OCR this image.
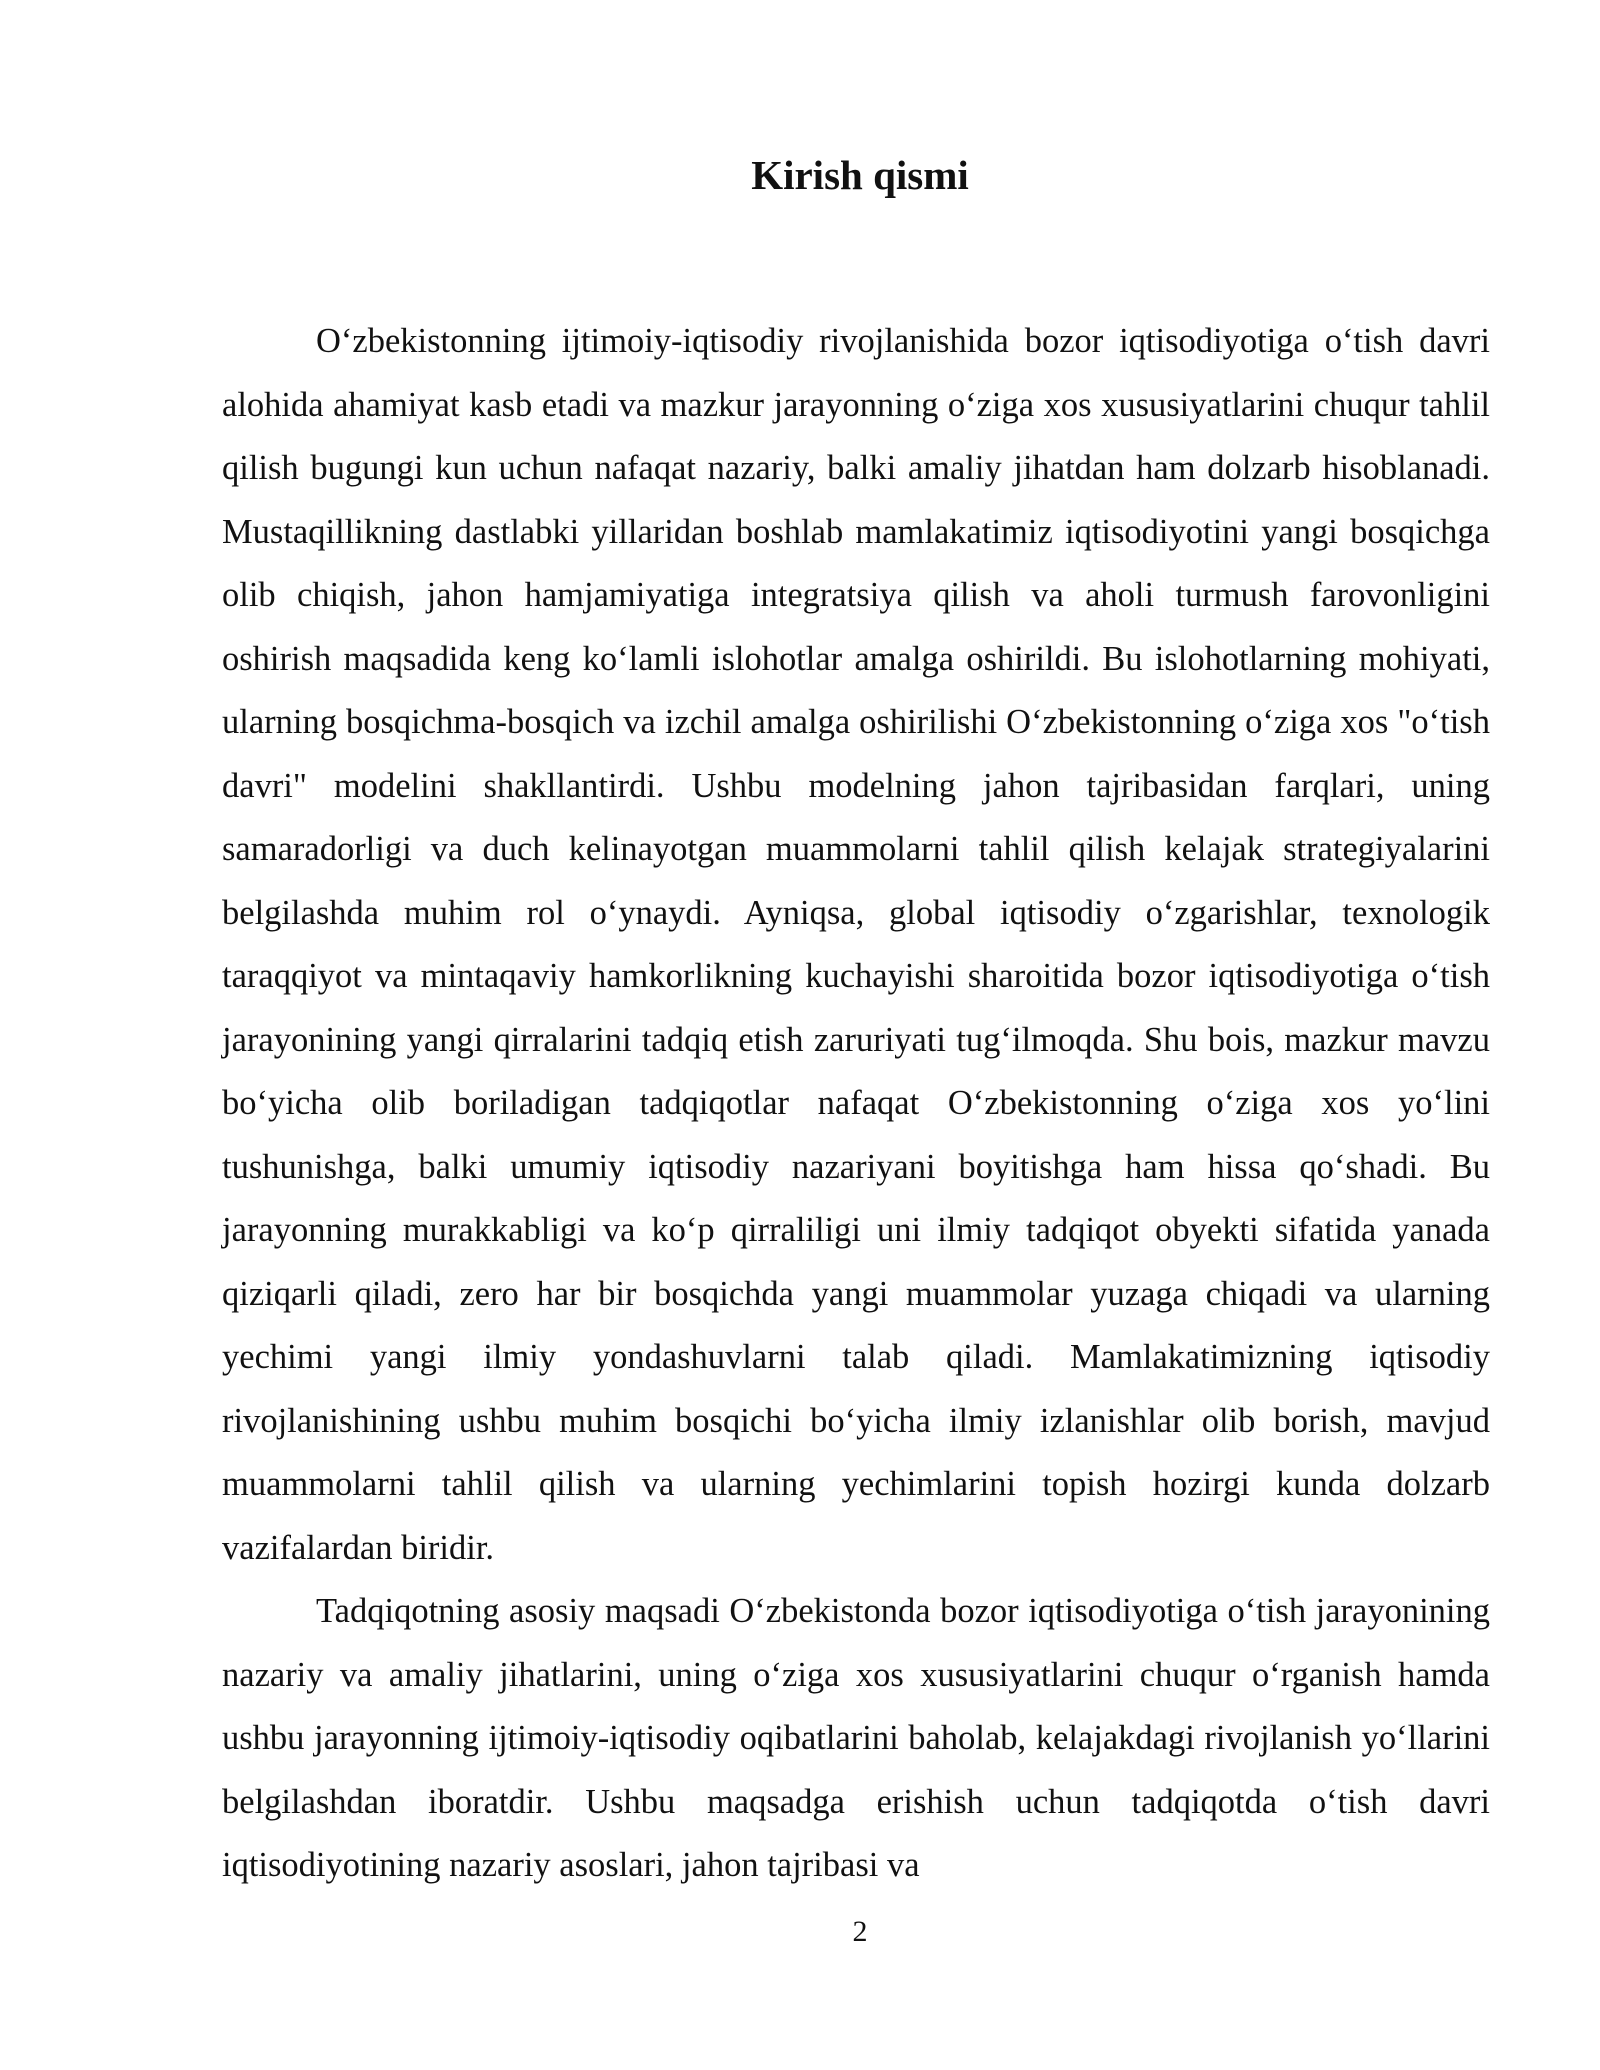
Kirish qismi

O‘zbekistonning ijtimoiy-iqtisodiy rivojlanishida bozor iqtisodiyotiga o‘tish davri alohida ahamiyat kasb etadi va mazkur jarayonning o‘ziga xos xususiyatlarini chuqur tahlil qilish bugungi kun uchun nafaqat nazariy, balki amaliy jihatdan ham dolzarb hisoblanadi. Mustaqillikning dastlabki yillaridan boshlab mamlakatimiz iqtisodiyotini yangi bosqichga olib chiqish, jahon hamjamiyatiga integratsiya qilish va aholi turmush farovonligini oshirish maqsadida keng ko‘lamli islohotlar amalga oshirildi. Bu islohotlarning mohiyati, ularning bosqichma-bosqich va izchil amalga oshirilishi O‘zbekistonning o‘ziga xos "o‘tish davri" modelini shakllantirdi. Ushbu modelning jahon tajribasidan farqlari, uning samaradorligi va duch kelinayotgan muammolarni tahlil qilish kelajak strategiyalarini belgilashda muhim rol o‘ynaydi. Ayniqsa, global iqtisodiy o‘zgarishlar, texnologik taraqqiyot va mintaqaviy hamkorlikning kuchayishi sharoitida bozor iqtisodiyotiga o‘tish jarayonining yangi qirralarini tadqiq etish zaruriyati tug‘ilmoqda. Shu bois, mazkur mavzu bo‘yicha olib boriladigan tadqiqotlar nafaqat O‘zbekistonning o‘ziga xos yo‘lini tushunishga, balki umumiy iqtisodiy nazariyani boyitishga ham hissa qo‘shadi. Bu jarayonning murakkabligi va ko‘p qirraliligi uni ilmiy tadqiqot obyekti sifatida yanada qiziqarli qiladi, zero har bir bosqichda yangi muammolar yuzaga chiqadi va ularning yechimi yangi ilmiy yondashuvlarni talab qiladi. Mamlakatimizning iqtisodiy rivojlanishining ushbu muhim bosqichi bo‘yicha ilmiy izlanishlar olib borish, mavjud muammolarni tahlil qilish va ularning yechimlarini topish hozirgi kunda dolzarb vazifalardan biridir.

Tadqiqotning asosiy maqsadi O‘zbekistonda bozor iqtisodiyotiga o‘tish jarayonining nazariy va amaliy jihatlarini, uning o‘ziga xos xususiyatlarini chuqur o‘rganish hamda ushbu jarayonning ijtimoiy-iqtisodiy oqibatlarini baholab, kelajakdagi rivojlanish yo‘llarini belgilashdan iboratdir. Ushbu maqsadga erishish uchun tadqiqotda o‘tish davri iqtisodiyotining nazariy asoslari, jahon tajribasi va

2
